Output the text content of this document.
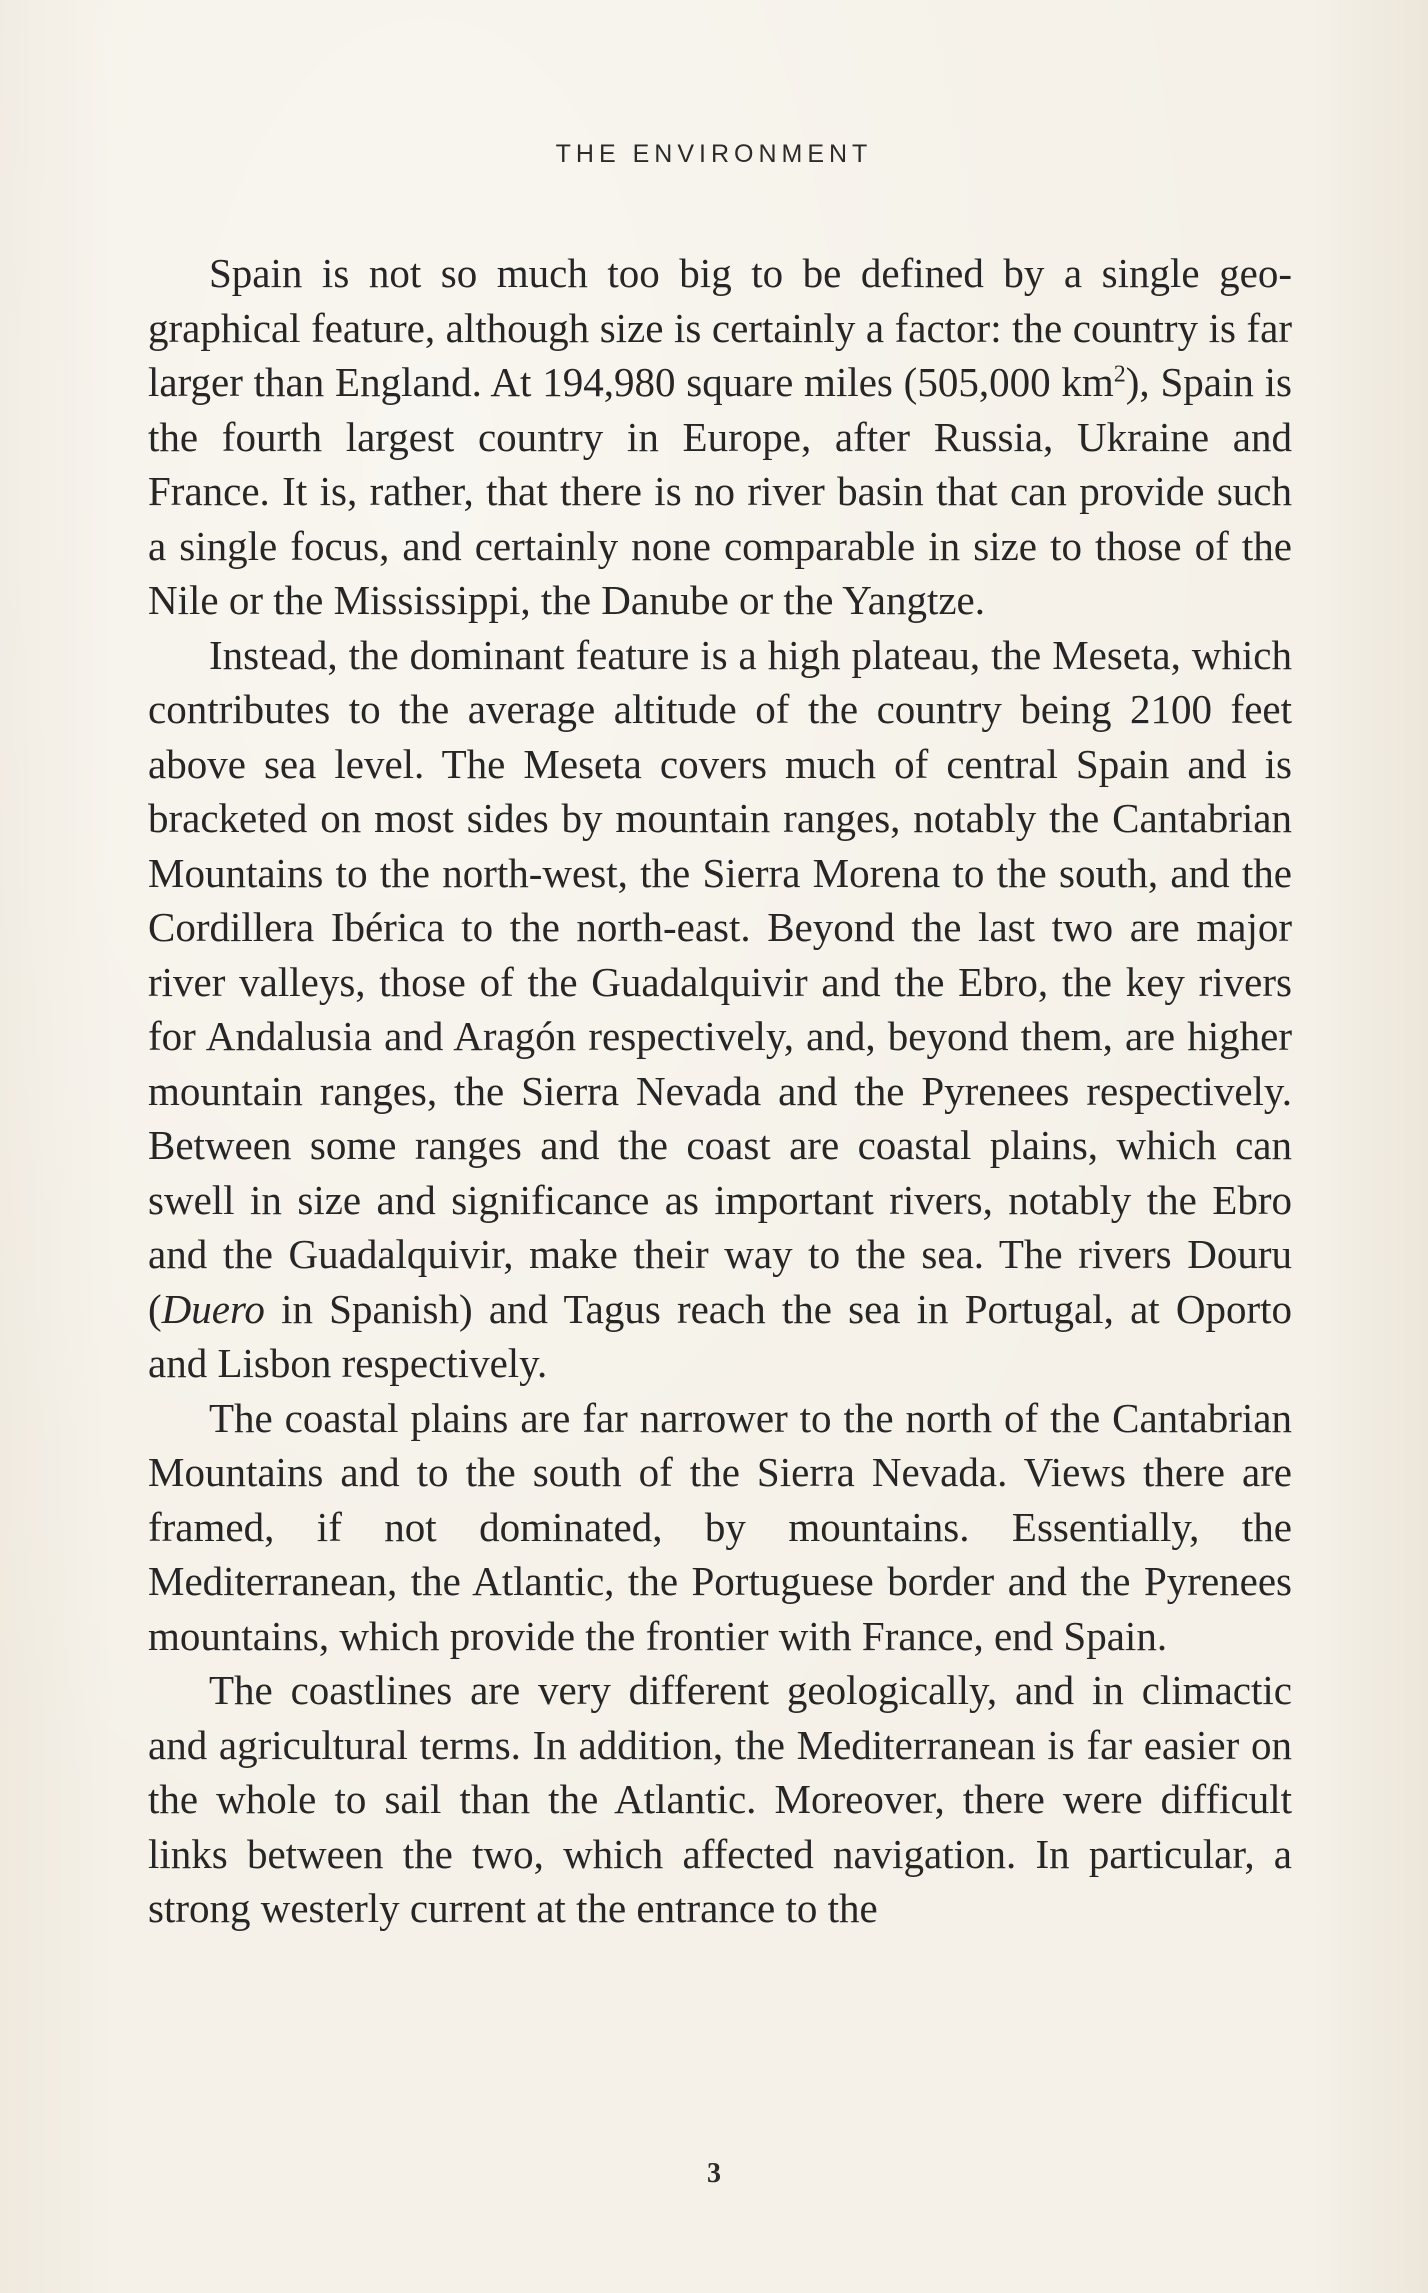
THE ENVIRONMENT

Spain is not so much too big to be defined by a single geographical feature, although size is certainly a factor: the country is far larger than England. At 194,980 square miles (505,000 $km^2$), Spain is the fourth largest country in Europe, after Russia, Ukraine and France. It is, rather, that there is no river basin that can provide such a single focus, and certainly none comparable in size to those of the Nile or the Mississippi, the Danube or the Yangtze.

Instead, the dominant feature is a high plateau, the Meseta, which contributes to the average altitude of the country being 2100 feet above sea level. The Meseta covers much of central Spain and is bracketed on most sides by mountain ranges, notably the Cantabrian Mountains to the north-west, the Sierra Morena to the south, and the Cordillera Ibérica to the north-east. Beyond the last two are major river valleys, those of the Guadalquivir and the Ebro, the key rivers for Andalusia and Aragón respectively, and, beyond them, are higher mountain ranges, the Sierra Nevada and the Pyrenees respectively. Between some ranges and the coast are coastal plains, which can swell in size and significance as important rivers, notably the Ebro and the Guadalquivir, make their way to the sea. The rivers Douru (Duero in Spanish) and Tagus reach the sea in Portugal, at Oporto and Lisbon respectively.

The coastal plains are far narrower to the north of the Cantabrian Mountains and to the south of the Sierra Nevada. Views there are framed, if not dominated, by mountains. Essentially, the Mediterranean, the Atlantic, the Portuguese border and the Pyrenees mountains, which provide the frontier with France, end Spain.

The coastlines are very different geologically, and in climactic and agricultural terms. In addition, the Mediterranean is far easier on the whole to sail than the Atlantic. Moreover, there were difficult links between the two, which affected navigation. In particular, a strong westerly current at the entrance to the

3
